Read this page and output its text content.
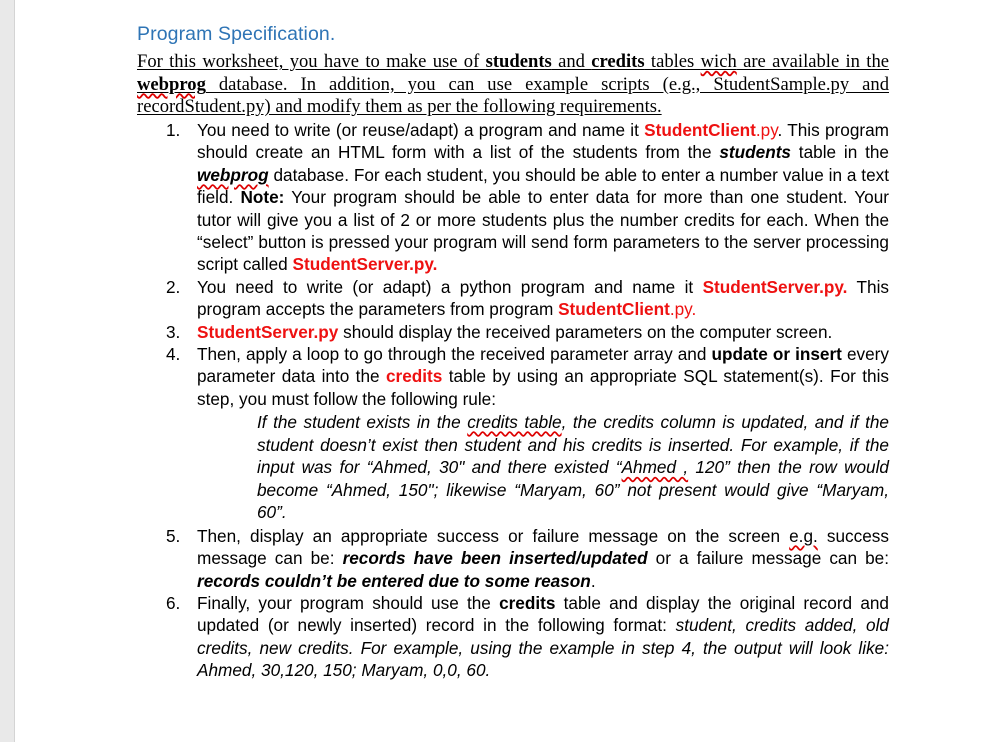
Program Specification.
For this worksheet, you have to make use of students and credits tables wich are available in the webprog database. In addition, you can use example scripts (e.g., StudentSample.py and recordStudent.py) and modify them as per the following requirements.
1. You need to write (or reuse/adapt) a program and name it StudentClient.py. This program should create an HTML form with a list of the students from the students table in the webprog database. For each student, you should be able to enter a number value in a text field. Note: Your program should be able to enter data for more than one student. Your tutor will give you a list of 2 or more students plus the number credits for each. When the “select” button is pressed your program will send form parameters to the server processing script called StudentServer.py.
2. You need to write (or adapt) a python program and name it StudentServer.py. This program accepts the parameters from program StudentClient.py.
3. StudentServer.py should display the received parameters on the computer screen.
4. Then, apply a loop to go through the received parameter array and update or insert every parameter data into the credits table by using an appropriate SQL statement(s). For this step, you must follow the following rule:
If the student exists in the credits table, the credits column is updated, and if the student doesn’t exist then student and his credits is inserted. For example, if the input was for “Ahmed, 30" and there existed “Ahmed , 120” then the row would become “Ahmed, 150"; likewise “Maryam, 60” not present would give “Maryam, 60”.
5. Then, display an appropriate success or failure message on the screen e.g. success message can be: records have been inserted/updated or a failure message can be: records couldn’t be entered due to some reason.
6. Finally, your program should use the credits table and display the original record and updated (or newly inserted) record in the following format: student, credits added, old credits, new credits. For example, using the example in step 4, the output will look like: Ahmed, 30,120, 150; Maryam, 0,0, 60.
